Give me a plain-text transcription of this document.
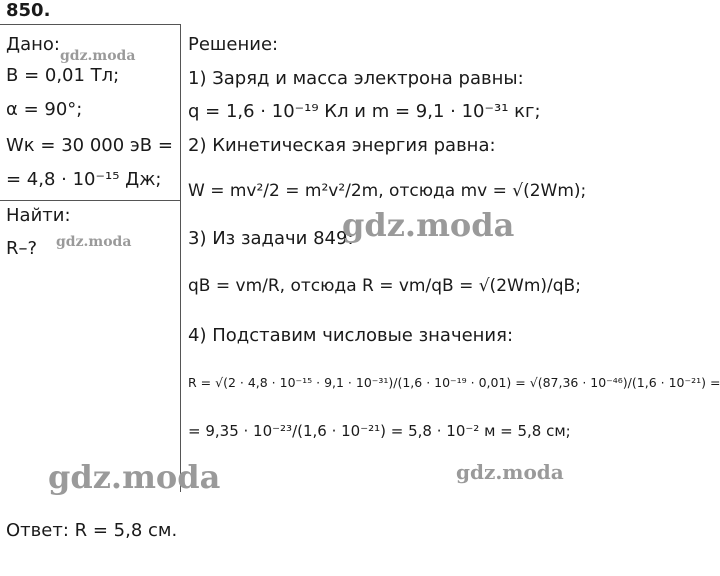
850.
Дано:
B = 0,01 Тл;
α = 90°;
Wк = 30 000 эВ =
= 4,8 · 10⁻¹⁵ Дж;
Найти:
R–?
Решение:
1) Заряд и масса электрона равны:
q = 1,6 · 10⁻¹⁹ Кл и m = 9,1 · 10⁻³¹ кг;
2) Кинетическая энергия равна:
W = mv²/2 = m²v²/2m, отсюда mv = √(2Wm);
3) Из задачи 849:
qB = vm/R, отсюда R = vm/qB = √(2Wm)/qB;
4) Подставим числовые значения:
R = √(2 · 4,8 · 10⁻¹⁵ · 9,1 · 10⁻³¹)/(1,6 · 10⁻¹⁹ · 0,01) = √(87,36 · 10⁻⁴⁶)/(1,6 · 10⁻²¹) =
= 9,35 · 10⁻²³/(1,6 · 10⁻²¹) = 5,8 · 10⁻² м = 5,8 см;
Ответ: R = 5,8 см.
gdz.moda
gdz.moda	gdz.moda
gdz.moda	gdz.moda
